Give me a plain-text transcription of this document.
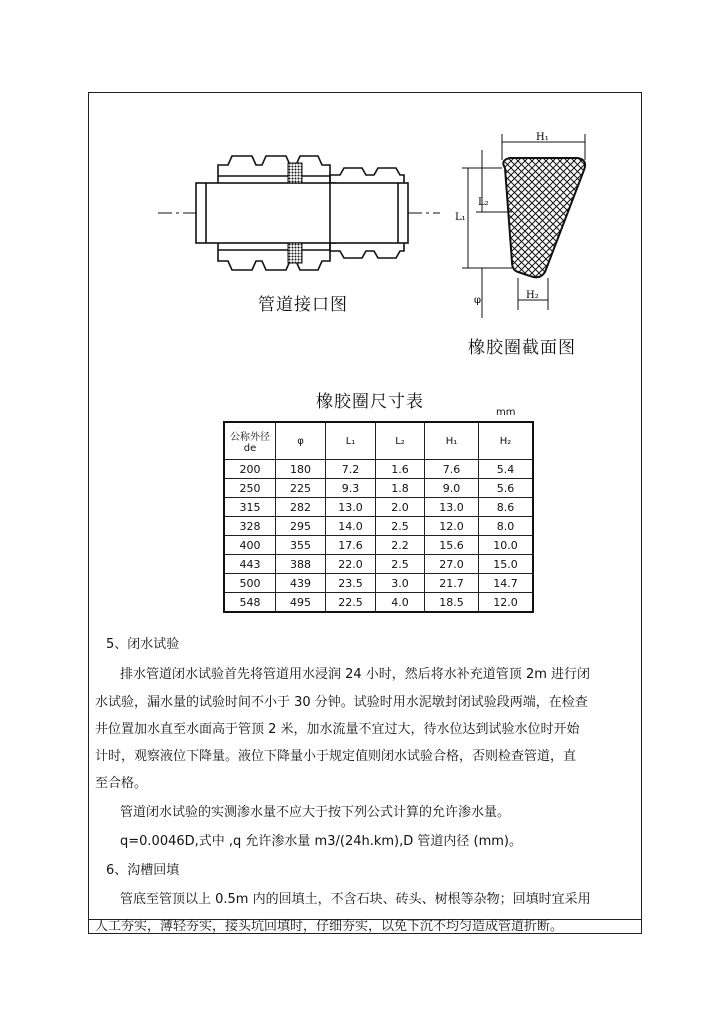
H₁
L₂
L₁
φ	H₂
管道接口图
橡胶圈截面图
橡胶圈尺寸表
mm
公称外径 de	φ	L₁	L₂	H₁	H₂
200	180	7.2	1.6	7.6	5.4
250	225	9.3	1.8	9.0	5.6
315	282	13.0	2.0	13.0	8.6
328	295	14.0	2.5	12.0	8.0
400	355	17.6	2.2	15.6	10.0
443	388	22.0	2.5	27.0	15.0
500	439	23.5	3.0	21.7	14.7
548	495	22.5	4.0	18.5	12.0
5、闭水试验
排水管道闭水试验首先将管道用水浸润 24 小时，然后将水补充道管顶 2m 进行闭
水试验，漏水量的试验时间不小于 30 分钟。试验时用水泥墩封闭试验段两端，在检查
井位置加水直至水面高于管顶 2 米，加水流量不宜过大，待水位达到试验水位时开始
计时，观察液位下降量。液位下降量小于规定值则闭水试验合格，否则检查管道，直
至合格。
管道闭水试验的实测渗水量不应大于按下列公式计算的允许渗水量。
q=0.0046D,式中 ,q 允许渗水量 m3/(24h.km),D 管道内径 (mm)。
6、沟槽回填
管底至管顶以上 0.5m 内的回填土，不含石块、砖头、树根等杂物；回填时宜采用
人工夯实，薄轻夯实，接头坑回填时，仔细夯实，以免下沉不均匀造成管道折断。
